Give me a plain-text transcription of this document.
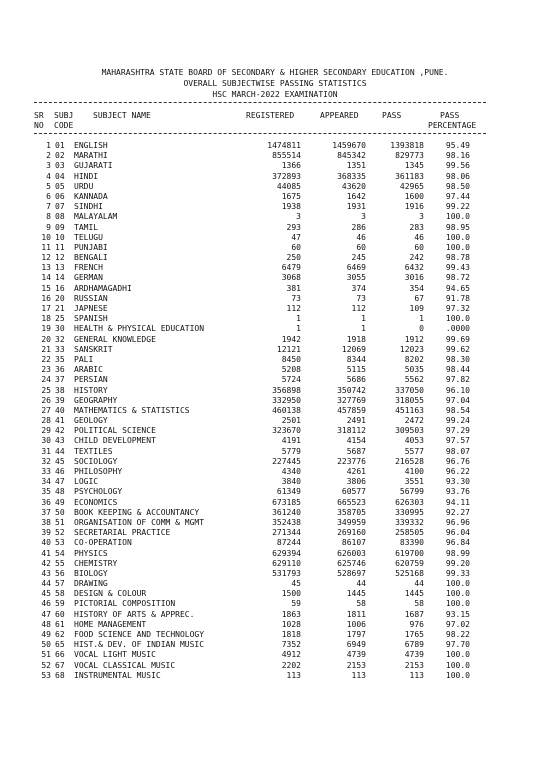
MAHARASHTRA STATE BOARD OF SECONDARY & HIGHER SECONDARY EDUCATION ,PUNE.
OVERALL SUBJECTWISE PASSING STATISTICS
HSC MARCH-2022 EXAMINATION
SR SUBJ SUBJECT NAME	REGISTERED	APPEARED	PASS	PASS
NO CODE	PERCENTAGE
1 01	ENGLISH	1474811	1459670	1393818	95.49
2 02	MARATHI	855514	845342	829773	98.16
3 03	GUJARATI	1366	1351	1345	99.56
4 04	HINDI	372893	368335	361183	98.06
5 05	URDU	44085	43620	42965	98.50
6 06	KANNADA	1675	1642	1600	97.44
7 07	SINDHI	1938	1931	1916	99.22
8 08	MALAYALAM	3	3	3	100.0
9 09	TAMIL	293	286	283	98.95
10 10	TELUGU	47	46	46	100.0
11 11	PUNJABI	60	60	60	100.0
12 12	BENGALI	250	245	242	98.78
13 13	FRENCH	6479	6469	6432	99.43
14 14	GERMAN	3068	3055	3016	98.72
15 16	ARDHAMAGADHI	381	374	354	94.65
16 20	RUSSIAN	73	73	67	91.78
17 21	JAPNESE	112	112	109	97.32
18 25	SPANISH	1	1	1	100.0
19 30	HEALTH & PHYSICAL EDUCATION	1	1	0	.0000
20 32	GENERAL KNOWLEDGE	1942	1918	1912	99.69
21 33	SANSKRIT	12121	12069	12023	99.62
22 35	PALI	8450	8344	8202	98.30
23 36	ARABIC	5208	5115	5035	98.44
24 37	PERSIAN	5724	5686	5562	97.82
25 38	HISTORY	356898	350742	337050	96.10
26 39	GEOGRAPHY	332950	327769	318055	97.04
27 40	MATHEMATICS & STATISTICS	460138	457859	451163	98.54
28 41	GEOLOGY	2501	2491	2472	99.24
29 42	POLITICAL SCIENCE	323670	318112	309503	97.29
30 43	CHILD DEVELOPMENT	4191	4154	4053	97.57
31 44	TEXTILES	5779	5687	5577	98.07
32 45	SOCIOLOGY	227445	223776	216528	96.76
33 46	PHILOSOPHY	4340	4261	4100	96.22
34 47	LOGIC	3840	3806	3551	93.30
35 48	PSYCHOLOGY	61349	60577	56799	93.76
36 49	ECONOMICS	673185	665523	626303	94.11
37 50	BOOK KEEPING & ACCOUNTANCY	361240	358705	330995	92.27
38 51	ORGANISATION OF COMM & MGMT	352438	349959	339332	96.96
39 52	SECRETARIAL PRACTICE	271344	269160	258505	96.04
40 53	CO-OPERATION	87244	86107	83390	96.84
41 54	PHYSICS	629394	626003	619700	98.99
42 55	CHEMISTRY	629110	625746	620759	99.20
43 56	BIOLOGY	531793	528697	525168	99.33
44 57	DRAWING	45	44	44	100.0
45 58	DESIGN & COLOUR	1500	1445	1445	100.0
46 59	PICTORIAL COMPOSITION	59	58	58	100.0
47 60	HISTORY OF ARTS & APPREC.	1863	1811	1687	93.15
48 61	HOME MANAGEMENT	1028	1006	976	97.02
49 62	FOOD SCIENCE AND TECHNOLOGY	1818	1797	1765	98.22
50 65	HIST.& DEV. OF INDIAN MUSIC	7352	6949	6789	97.70
51 66	VOCAL LIGHT MUSIC	4912	4739	4739	100.0
52 67	VOCAL CLASSICAL MUSIC	2202	2153	2153	100.0
53 68	INSTRUMENTAL MUSIC	113	113	113	100.0
